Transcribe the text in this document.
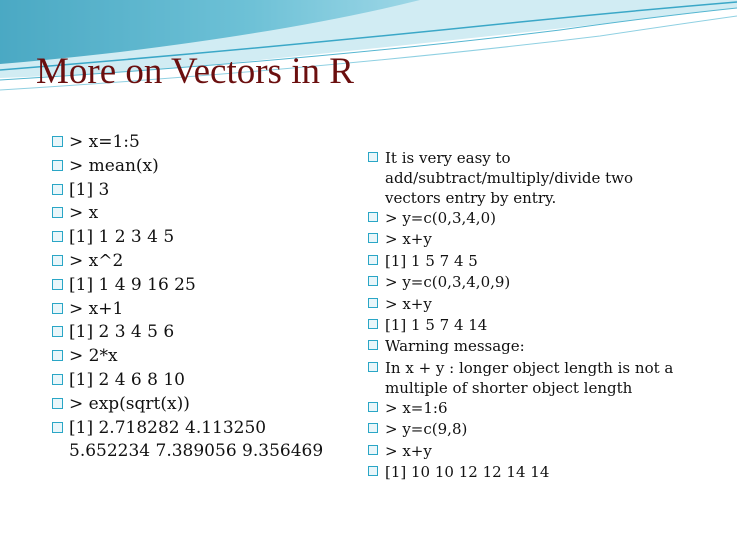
More on Vectors in R
> x=1:5
> mean(x)
[1] 3
> x
[1] 1 2 3 4 5
> x^2
[1] 1 4 9 16 25
> x+1
[1] 2 3 4 5 6
> 2*x
[1] 2 4 6 8 10
> exp(sqrt(x))
[1] 2.718282 4.113250 5.652234 7.389056 9.356469
It is very easy to add/subtract/multiply/divide two vectors entry by entry.
> y=c(0,3,4,0)
> x+y
[1] 1 5 7 4 5
> y=c(0,3,4,0,9)
> x+y
[1] 1 5 7 4 14
Warning message:
In x + y : longer object length is not a multiple of shorter object length
> x=1:6
> y=c(9,8)
> x+y
[1] 10 10 12 12 14 14
